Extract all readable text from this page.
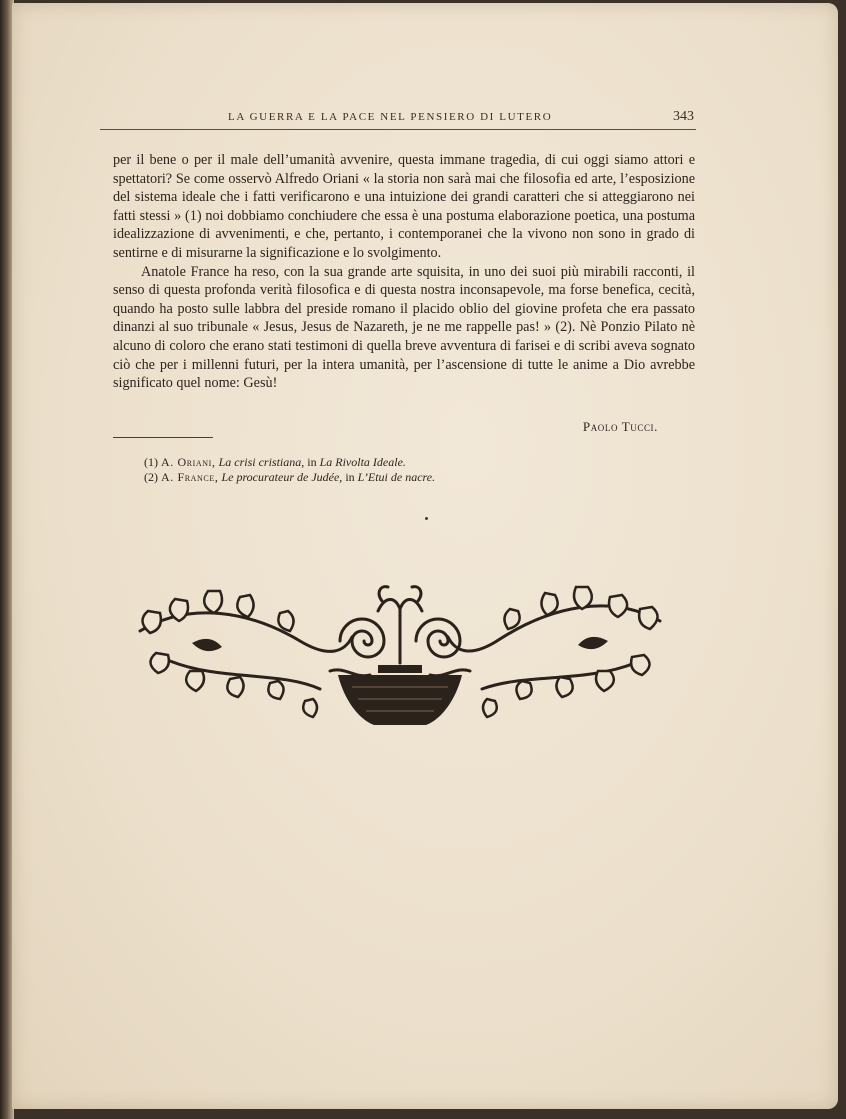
LA GUERRA E LA PACE NEL PENSIERO DI LUTERO	343

per il bene o per il male dell’umanità avvenire, questa immane tragedia, di cui oggi siamo attori e spettatori? Se come osservò Alfredo Oriani « la storia non sarà mai che filosofia ed arte, l’esposizione del sistema ideale che i fatti verificarono e una intuizione dei grandi caratteri che si atteggiarono nei fatti stessi » (1) noi dobbiamo conchiudere che essa è una postuma elaborazione poetica, una postuma idealizzazione di avvenimenti, e che, pertanto, i contemporanei che la vivono non sono in grado di sentirne e di misurarne la significazione e lo svolgimento.

Anatole France ha reso, con la sua grande arte squisita, in uno dei suoi più mirabili racconti, il senso di questa profonda verità filosofica e di questa nostra inconsapevole, ma forse benefica, cecità, quando ha posto sulle labbra del preside romano il placido oblio del giovine profeta che era passato dinanzi al suo tribunale « Jesus, Jesus de Nazareth, je ne me rappelle pas! » (2). Nè Ponzio Pilato nè alcuno di coloro che erano stati testimoni di quella breve avventura di farisei e di scribi aveva sognato ciò che per i millenni futuri, per la intera umanità, per l’ascensione di tutte le anime a Dio avrebbe significato quel nome: Gesù!

Paolo Tucci.
(1) A. Oriani, La crisi cristiana, in La Rivolta Ideale.
(2) A. France, Le procurateur de Judée, in L’Etui de nacre.
